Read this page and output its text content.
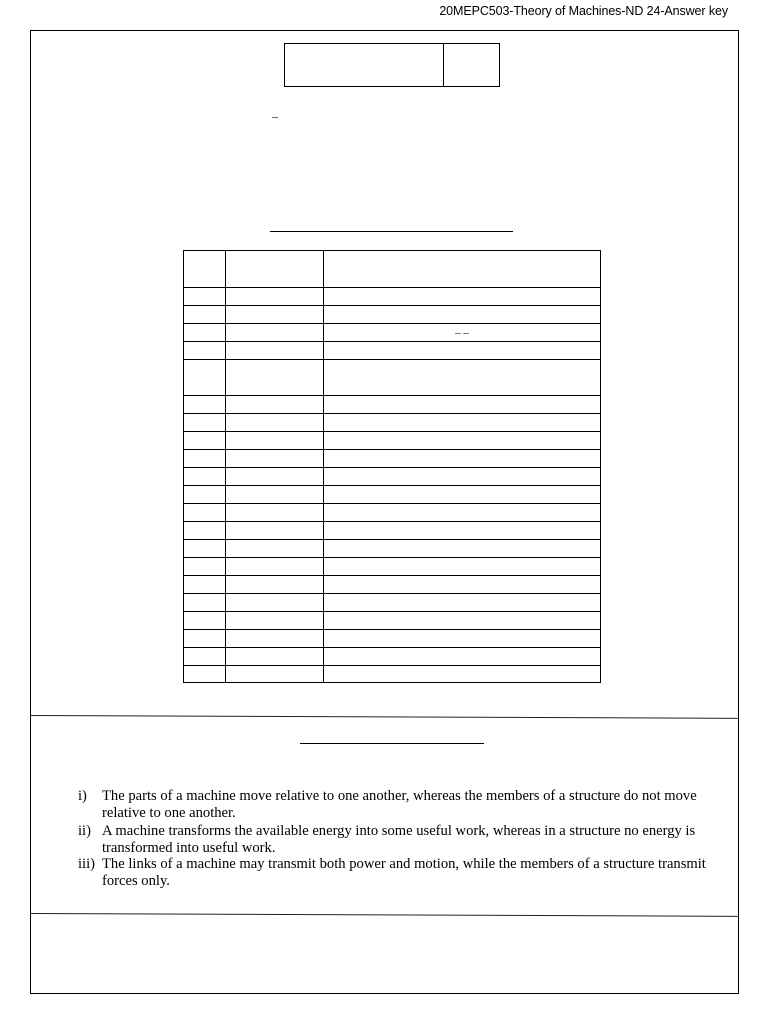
20MEPC503-Theory of Machines-ND 24-Answer key
–

		– –

i) The parts of a machine move relative to one another, whereas the members of a structure do not move relative to one another.
ii) A machine transforms the available energy into some useful work, whereas in a structure no energy is transformed into useful work.
iii) The links of a machine may transmit both power and motion, while the members of a structure transmit forces only.
